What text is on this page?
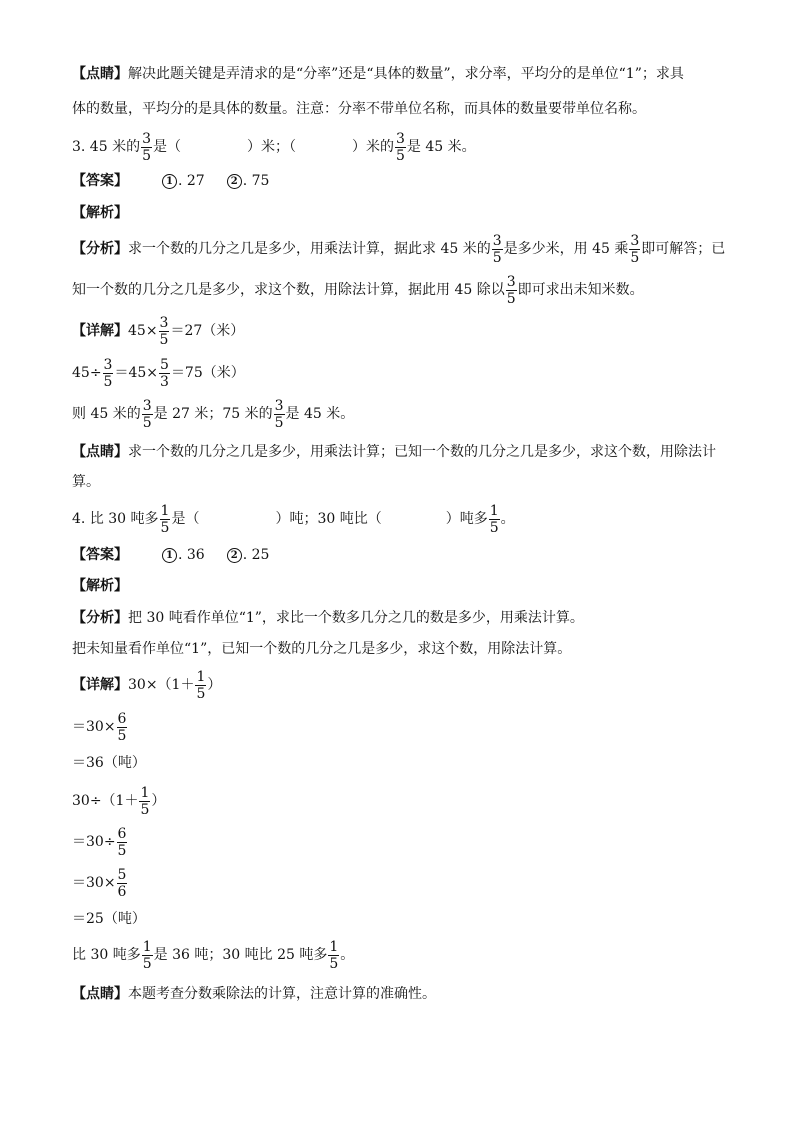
【点睛】解决此题关键是弄清求的是“分率”还是“具体的数量”，求分率，平均分的是单位“1”；求具
体的数量，平均分的是具体的数量。注意：分率不带单位名称，而具体的数量要带单位名称。
3. 45 米的 $\frac{3}{5}$ 是（	）米；（	）米的 $\frac{3}{5}$ 是 45 米。
【答案】	1 . 27	2 . 75
【解析】
【分析】求一个数的几分之几是多少，用乘法计算，据此求 45 米的 $\frac{3}{5}$ 是多少米，用 45 乘 $\frac{3}{5}$ 即可解答；已
知一个数的几分之几是多少，求这个数，用除法计算，据此用 45 除以 $\frac{3}{5}$ 即可求出未知米数。
【详解】$45\times \frac{3}{5} =27$（米）
$45\div \frac{3}{5} =45\times \frac{5}{3} =75$（米）
则 45 米的 $\frac{3}{5}$ 是 27 米；75 米的 $\frac{3}{5}$ 是 45 米。
【点睛】求一个数的几分之几是多少，用乘法计算；已知一个数的几分之几是多少，求这个数，用除法计
算。
4. 比 30 吨多 $\frac{1}{5}$ 是（	）吨；30 吨比（	）吨多 $\frac{1}{5}$ 。
【答案】	1 . 36	2 . 25
【解析】
【分析】把 30 吨看作单位“1”，求比一个数多几分之几的数是多少，用乘法计算。
把未知量看作单位“1”，已知一个数的几分之几是多少，求这个数，用除法计算。
【详解】$30\times(1+ \frac{1}{5}$ ）
$=30\times \frac{6}{5}$
＝36（吨）
$30\div(1+ \frac{1}{5}$ ）
$=30\div \frac{6}{5}$
$=30\times \frac{5}{6}$
＝25（吨）
比 30 吨多 $\frac{1}{5}$ 是 36 吨；30 吨比 25 吨多 $\frac{1}{5}$ 。
【点睛】本题考查分数乘除法的计算，注意计算的准确性。
